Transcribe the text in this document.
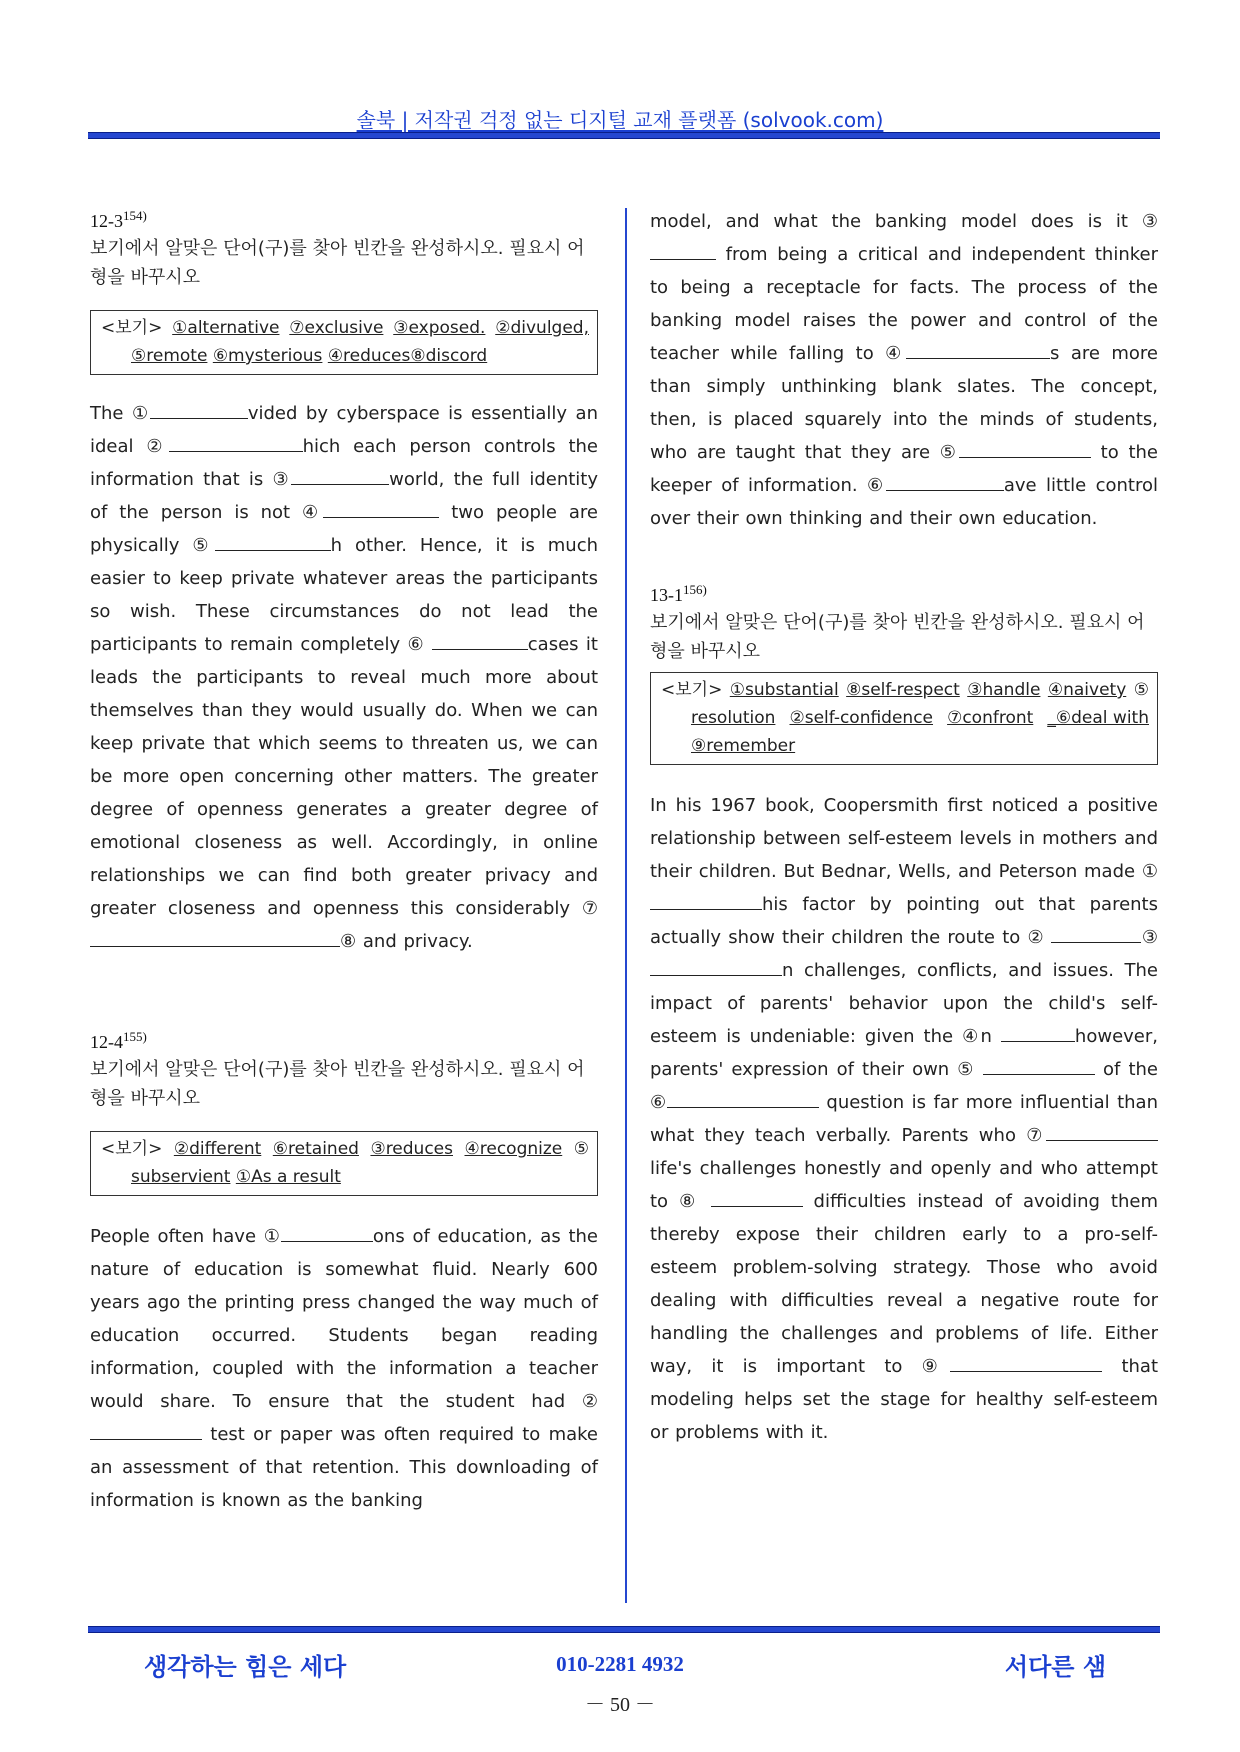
솔북 | 저작권 걱정 없는 디지털 교재 플랫폼 (solvook.com)

12-3$^{154)}$

보기에서 알맞은 단어(구)를 찾아 빈칸을 완성하시오. 필요시 어형을 바꾸시오

<보기> ①alternative ⑦exclusive ③exposed. ②divulged,
⑤remote ⑥mysterious ④reduces⑧discord

The ①	vided by cyberspace is essentially an ideal ②	hich each person controls the information that is ③	world, the full identity of the person is not ④	two people are physically ⑤	h other. Hence, it is much easier to keep private whatever areas the participants so wish. These circumstances do not lead the participants to remain completely ⑥	cases it leads the participants to reveal much more about themselves than they would usually do. When we can keep private that which seems to threaten us, we can be more open concerning other matters. The greater degree of openness generates a greater degree of emotional closeness as well. Accordingly, in online relationships we can find both greater privacy and greater closeness and openness this considerably ⑦⑧ and privacy.

12-4$^{155)}$

보기에서 알맞은 단어(구)를 찾아 빈칸을 완성하시오. 필요시 어형을 바꾸시오

<보기> ②different ⑥retained ③reduces ④recognize ⑤
subservient ①As a result

People often have ①	ons of education, as the nature of education is somewhat fluid. Nearly 600 years ago the printing press changed the way much of education occurred. Students began reading information, coupled with the information a teacher would share. To ensure that the student had ②  test or paper was often required to make an assessment of that retention. This downloading of information is known as the banking

model, and what the banking model does is it ③  from being a critical and independent thinker to being a receptacle for facts. The process of the banking model raises the power and control of the teacher while falling to ④	s are more than simply unthinking blank slates. The concept, then, is placed squarely into the minds of students, who are taught that they are ⑤	to the keeper of information. ⑥	ave little control over their own thinking and their own education.

13-1$^{156)}$

보기에서 알맞은 단어(구)를 찾아 빈칸을 완성하시오. 필요시 어형을 바꾸시오

<보기> ①substantial ⑧self-respect ③handle ④naivety ⑤
resolution ②self-confidence ⑦confront _⑥deal with
⑨remember

In his 1967 book, Coopersmith first noticed a positive relationship between self-esteem levels in mothers and their children. But Bednar, Wells, and Peterson made ①his factor by pointing out that parents actually show their children the route to ②	③n challenges, conflicts, and issues. The impact of parents' behavior upon the child's self-esteem is undeniable: given the ④n	however, parents' expression of their own ⑤	of the ⑥	question is far more influential than what they teach verbally. Parents who ⑦ life's challenges honestly and openly and who attempt to ⑧	difficulties instead of avoiding them thereby expose their children early to a pro-self-esteem problem-solving strategy. Those who avoid dealing with difficulties reveal a negative route for handling the challenges and problems of life. Either way, it is important to ⑨	that modeling helps set the stage for healthy self-esteem or problems with it.

생각하는 힘은 세다	010-2281 4932	서다른 샘
－ 50 －
